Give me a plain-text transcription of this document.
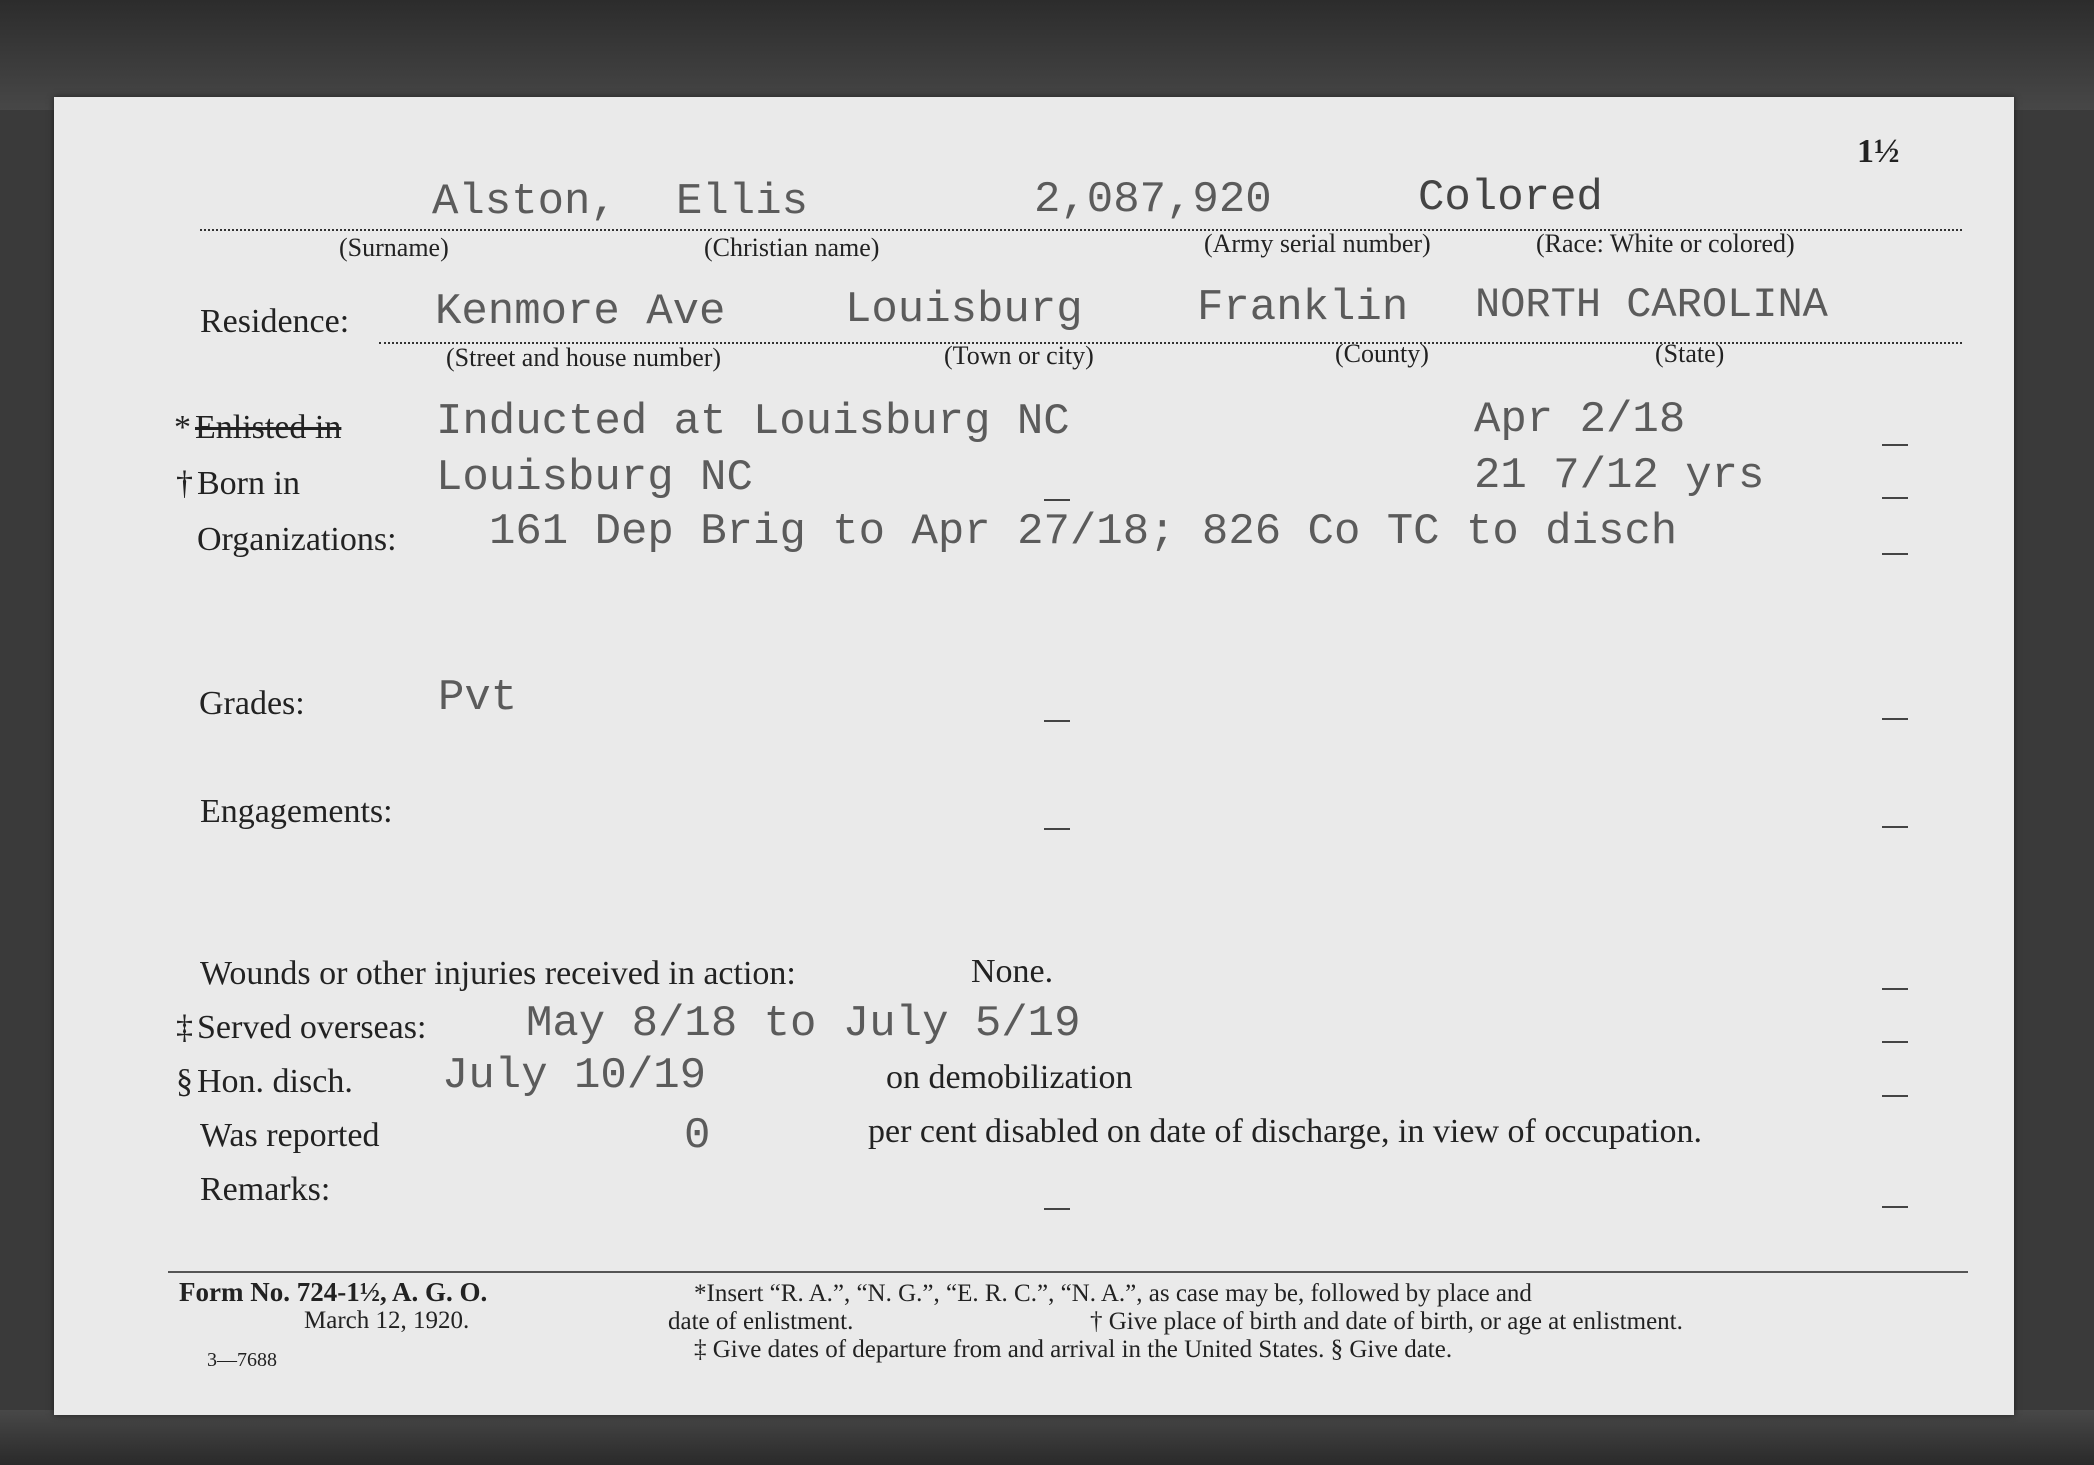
1½
Alston, Ellis	2,087,920	Colored
(Surname)	(Christian name)	(Army serial number)	(Race: White or colored)
Residence: Kenmore Ave	Louisburg	Franklin NORTH CAROLINA
(Street and house number)	(Town or city)	(County)	(State)
* Enlisted in Inducted at Louisburg NC	Apr 2/18
† Born in	Louisburg NC	21 7/12 yrs
Organizations: 161 Dep Brig to Apr 27/18; 826 Co TC to disch
Grades:	Pvt
Engagements:
Wounds or other injuries received in action:	None.
‡ Served overseas: May 8/18 to July 5/19
§ Hon. disch. July 10/19	on demobilization
Was reported	0	per cent disabled on date of discharge, in view of occupation.
Remarks:
Form No. 724-1½, A. G. O.
March 12, 1920.
3—7688
*Insert “R. A.”, “N. G.”, “E. R. C.”, “N. A.”, as case may be, followed by place and
date of enlistment.	† Give place of birth and date of birth, or age at enlistment.
‡ Give dates of departure from and arrival in the United States. § Give date.
